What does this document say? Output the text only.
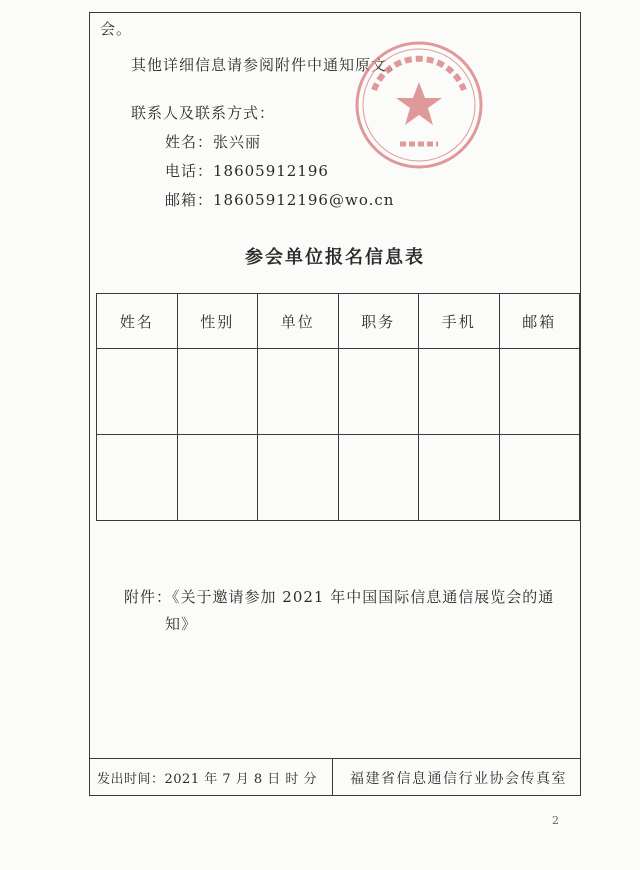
会。
其他详细信息请参阅附件中通知原文。
联系人及联系方式：
姓名：张兴丽
电话：18605912196
邮箱：18605912196@wo.cn
参会单位报名信息表
姓名	性别	单位	职务	手机	邮箱

附件：《关于邀请参加 2021 年中国国际信息通信展览会的通
知》
发出时间：2021 年 7 月 8 日 时 分 福建省信息通信行业协会传真室
2
